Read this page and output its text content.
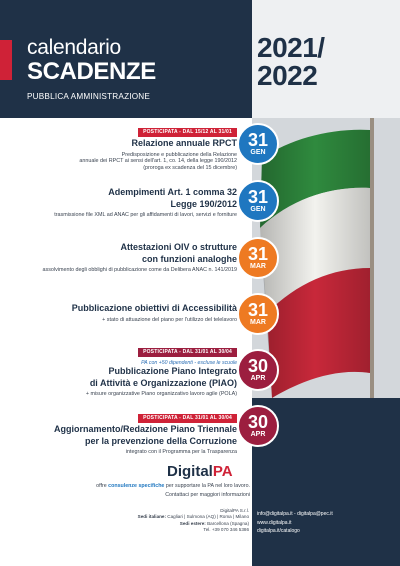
calendario
SCADENZE
PUBBLICA AMMINISTRAZIONE
2021/
2022
POSTICIPATA - DAL 15/12 AL 31/01
Relazione annuale RPCT
Predisposizione e pubblicazione della Relazione
annuale dei RPCT ai sensi dell'art. 1, co. 14, della legge 190/2012
(proroga ex scadenza del 15 dicembre)
31
GEN
Adempimenti Art. 1 comma 32
Legge 190/2012
trasmissione file XML ad ANAC per gli affidamenti di lavori, servizi e forniture
31
GEN
Attestazioni OIV o strutture
con funzioni analoghe
assolvimento degli obblighi di pubblicazione come da Delibera ANAC n. 141/2019
31
MAR
Pubblicazione obiettivi di Accessibilità
+ stato di attuazione del piano per l'utilizzo del telelavoro 31
MAR
POSTICIPATA - DAL 31/01 AL 30/04
PA con +50 dipendenti - escluse le scuole
Pubblicazione Piano Integrato
di Attività e Organizzazione (PIAO)
+ misure organizzative Piano organizzativo lavoro agile (POLA)
30
APR
POSTICIPATA - DAL 31/01 AL 30/04
Aggiornamento/Redazione Piano Triennale
per la prevenzione della Corruzione
integrato con il Programma per la Trasparenza
30
APR
DigitalPA
offre consulenze specifiche per supportare la PA nel loro lavoro.
Contattaci per maggiori informazioni
DigitalPA S.r.l.
Sedi italiane: Cagliari | Sulmona (AQ) | Roma | Milano
Sedi estere: Barcellona (Spagna)
Tel. +39 070 346 5386
info@digitalpa.it - digitalpa@pec.it
www.digitalpa.it
digitalpa.it/catalogo
